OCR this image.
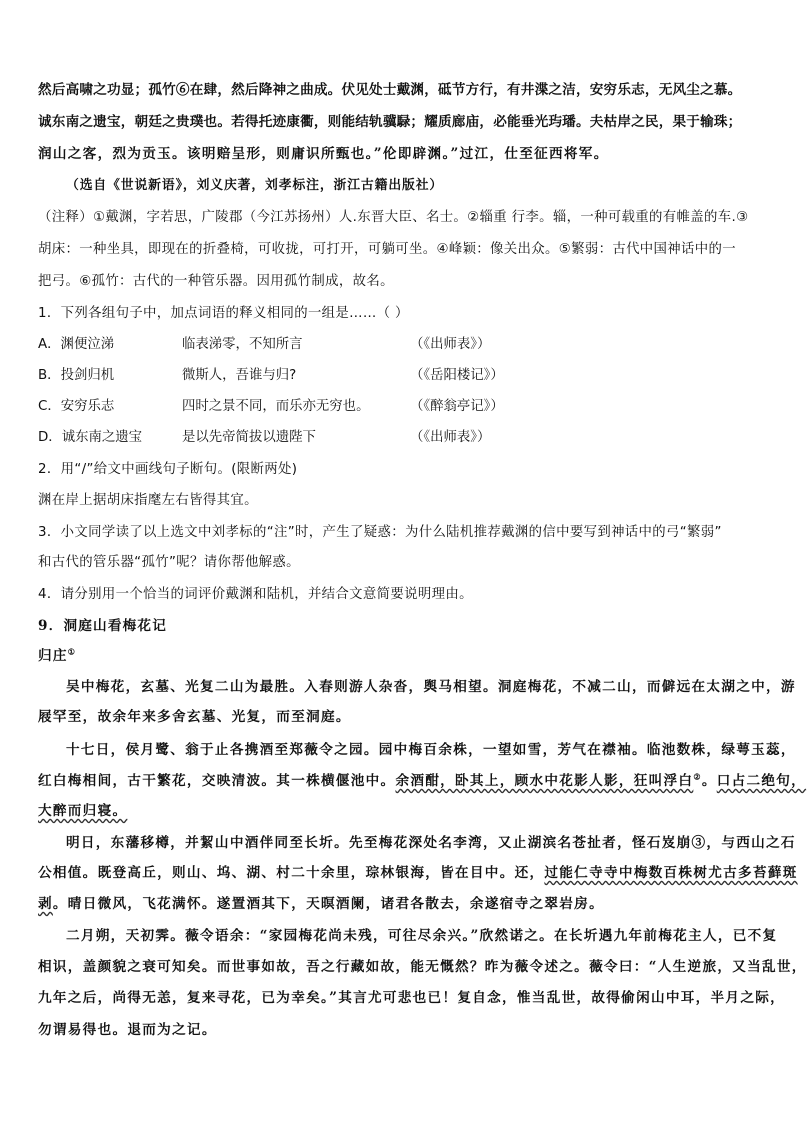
然后高啸之功显；孤竹⑥在肆，然后降神之曲成。伏见处士戴渊，砥节方行，有井渫之洁，安穷乐志，无风尘之慕。
诚东南之遗宝，朝廷之贵璞也。若得托迹康衢，则能结轨骥騄；耀质廊庙，必能垂光玙璠。夫枯岸之民，果于输珠；
润山之客，烈为贡玉。该明赔呈形，则庸识所甄也。”伦即辟渊。”过江，仕至征西将军。
（选自《世说新语》，刘义庆著，刘孝标注，浙江古籍出版社）
（注释）①戴渊，字若思，广陵郡（今江苏扬州）人.东晋大臣、名士。②辎重 行李。辎，一种可载重的有帷盖的车.③
胡床：一种坐具，即现在的折叠椅，可收拢，可打开，可躺可坐。④峰颖：像关出众。⑤繁弱：古代中国神话中的一
把弓。⑥孤竹：古代的一种管乐器。因用孤竹制成，故名。
1．下列各组句子中，加点词语的释义相同的一组是……（ ）
A．渊便泣涕	临表涕零，不知所言	（《出师表》）
B．投剑归机	微斯人，吾谁与归?	（《岳阳楼记》）
C．安穷乐志	四时之景不同，而乐亦无穷也。	（《醉翁亭记》）
D．诚东南之遗宝	是以先帝简拔以遗陛下	（《出师表》）
2．用“/”给文中画线句子断句。(限断两处)
渊在岸上据胡床指麾左右皆得其宜。
3．小文同学读了以上选文中刘孝标的“注”时，产生了疑惑：为什么陆机推荐戴渊的信中要写到神话中的弓“繁弱”
和古代的管乐器“孤竹”呢？请你帮他解惑。
4．请分别用一个恰当的词评价戴渊和陆机，并结合文意简要说明理由。
9．洞庭山看梅花记
归庄①
吴中梅花，玄墓、光复二山为最胜。入春则游人杂沓，舆马相望。洞庭梅花，不减二山，而僻远在太湖之中，游
屐罕至，故余年来多舍玄墓、光复，而至洞庭。
十七日，侯月鹭、翁于止各携酒至郑薇令之园。园中梅百余株，一望如雪，芳气在襟袖。临池数株，绿萼玉蕊，
红白梅相间，古干繁花，交映清波。其一株横偃池中。余酒酣，卧其上，顾水中花影人影，狂叫浮白②。口占二绝句，
大醉而归寝。
明日，东藩移樽，并絜山中酒伴同至长圻。先至梅花深处名李湾，又止湖滨名苍扯者，怪石岌崩③，与西山之石
公相值。既登高丘，则山、坞、湖、村二十余里，琮林银海，皆在目中。还，过能仁寺寺中梅数百株树尤古多苔藓斑
剥。晴日微风，飞花满怀。遂置酒其下，天暝酒阑，诸君各散去，余遂宿寺之翠岩房。
二月朔，天初霁。薇令语余：“家园梅花尚未残，可往尽余兴。”欣然诺之。在长圻遇九年前梅花主人，已不复
相识，盖颜貌之衰可知矣。而世事如故，吾之行藏如故，能无慨然？昨为薇令述之。薇令曰：“人生逆旅，又当乱世，
九年之后，尚得无恙，复来寻花，已为幸矣。”其言尤可悲也已！复自念，惟当乱世，故得偷闲山中耳，半月之际，
勿谓易得也。退而为之记。
